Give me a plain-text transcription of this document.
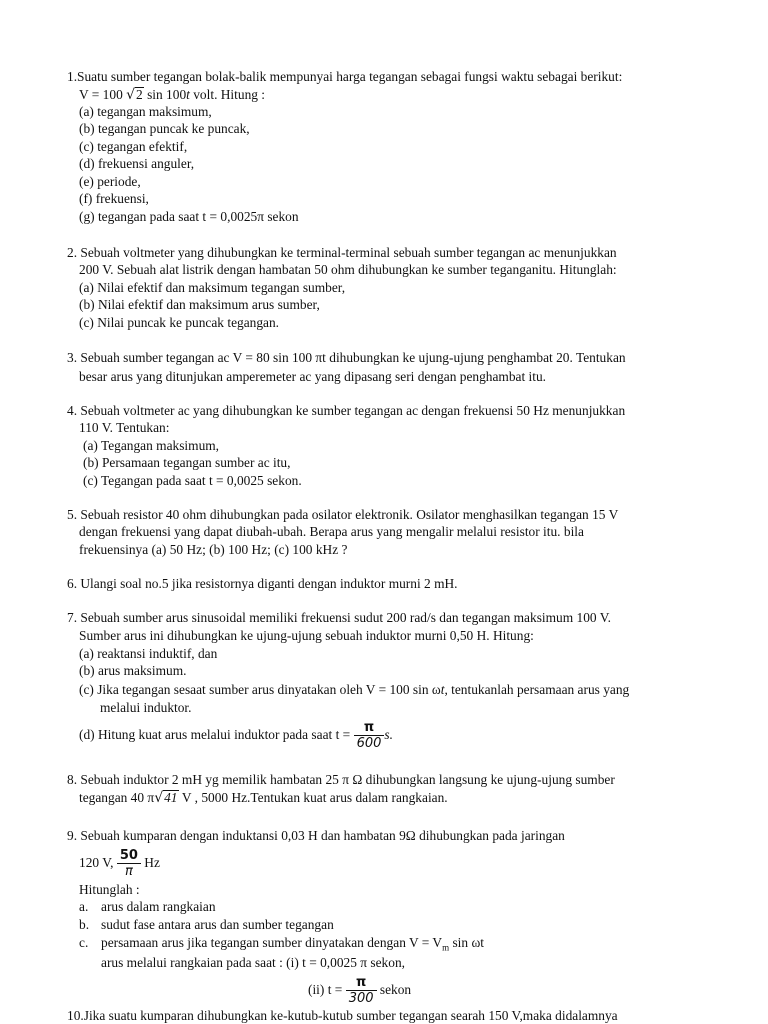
1.Suatu sumber tegangan bolak-balik mempunyai harga tegangan sebagai fungsi waktu sebagai berikut:
V = 100 √2 sin 100t volt. Hitung :
(a) tegangan maksimum,
(b) tegangan puncak ke puncak,
(c) tegangan efektif,
(d) frekuensi anguler,
(e) periode,
(f) frekuensi,
(g) tegangan pada saat t = 0,0025π sekon
2. Sebuah voltmeter yang dihubungkan ke terminal-terminal sebuah sumber tegangan ac menunjukkan
200 V. Sebuah alat listrik dengan hambatan 50 ohm dihubungkan ke sumber teganganitu. Hitunglah:
(a) Nilai efektif dan maksimum tegangan sumber,
(b) Nilai efektif dan maksimum arus sumber,
(c) Nilai puncak ke puncak tegangan.
3. Sebuah sumber tegangan ac V = 80 sin 100 πt dihubungkan ke ujung-ujung penghambat 20. Tentukan
besar arus yang ditunjukan amperemeter ac yang dipasang seri dengan penghambat itu.
4. Sebuah voltmeter ac yang dihubungkan ke sumber tegangan ac dengan frekuensi 50 Hz menunjukkan
110 V. Tentukan:
(a) Tegangan maksimum,
(b) Persamaan tegangan sumber ac itu,
(c) Tegangan pada saat t = 0,0025 sekon.
5. Sebuah resistor 40 ohm dihubungkan pada osilator elektronik. Osilator menghasilkan tegangan 15 V
dengan frekuensi yang dapat diubah-ubah. Berapa arus yang mengalir melalui resistor itu. bila
frekuensinya (a) 50 Hz; (b) 100 Hz; (c) 100 kHz ?
6. Ulangi soal no.5 jika resistornya diganti dengan induktor murni 2 mH.
7. Sebuah sumber arus sinusoidal memiliki frekuensi sudut 200 rad/s dan tegangan maksimum 100 V.
Sumber arus ini dihubungkan ke ujung-ujung sebuah induktor murni 0,50 H. Hitung:
(a) reaktansi induktif, dan
(b) arus maksimum.
(c) Jika tegangan sesaat sumber arus dinyatakan oleh V = 100 sin ωt, tentukanlah persamaan arus yang
melalui induktor.
(d) Hitung kuat arus melalui induktor pada saat $t = \frac{\pi}{600} s$.
8. Sebuah induktor 2 mH yg memilik hambatan 25 π Ω dihubungkan langsung ke ujung-ujung sumber
tegangan 40 π√41 V , 5000 Hz.Tentukan kuat arus dalam rangkaian.
9. Sebuah kumparan dengan induktansi 0,03 H dan hambatan 9Ω dihubungkan pada jaringan
120 V, $\frac{50}{\pi}$ Hz
Hitunglah :
a. arus dalam rangkaian
b. sudut fase antara arus dan sumber tegangan
c. persamaan arus jika tegangan sumber dinyatakan dengan $V = V_m$ sin ωt
arus melalui rangkaian pada saat : (i) t = 0,0025 π sekon,
(ii) $t = \frac{\pi}{300}$ sekon
10.Jika suatu kumparan dihubungkan ke-kutub-kutub sumber tegangan searah 150 V,maka didalamnya
